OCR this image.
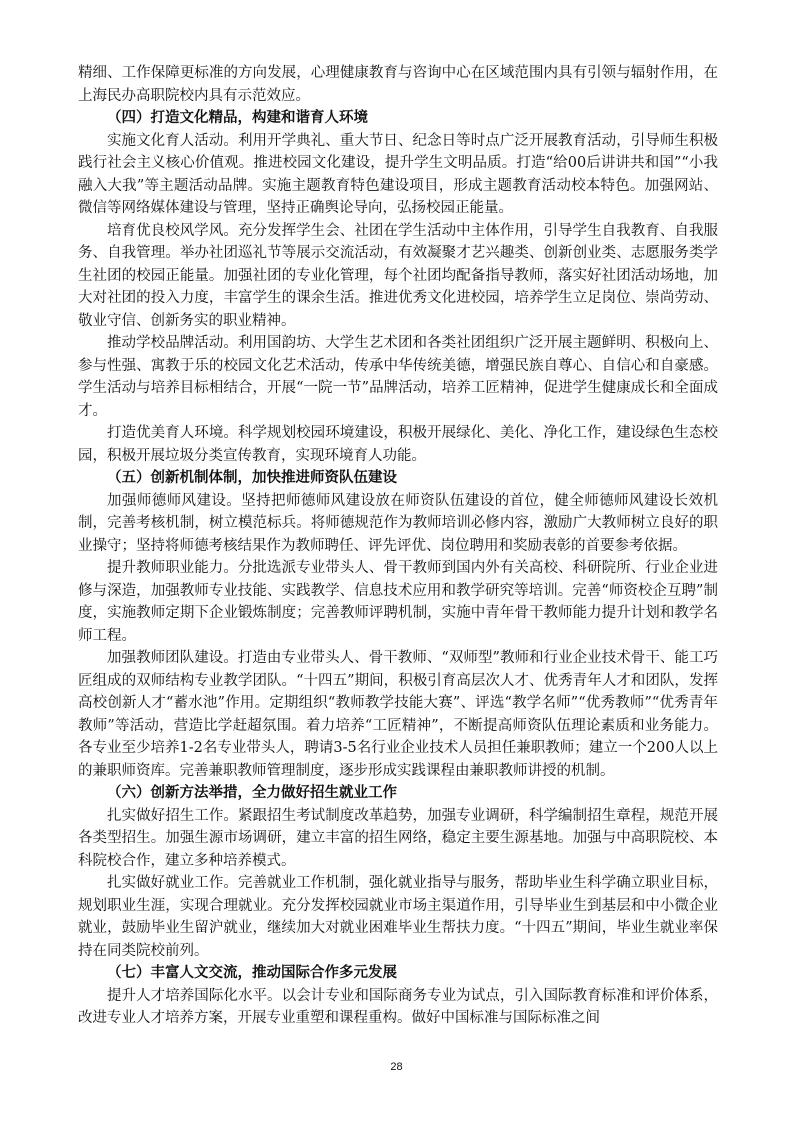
精细、工作保障更标准的方向发展，心理健康教育与咨询中心在区域范围内具有引领与辐射作用，在上海民办高职院校内具有示范效应。

（四）打造文化精品，构建和谐育人环境

实施文化育人活动。利用开学典礼、重大节日、纪念日等时点广泛开展教育活动，引导师生积极践行社会主义核心价值观。推进校园文化建设，提升学生文明品质。打造“给00后讲讲共和国”“小我融入大我”等主题活动品牌。实施主题教育特色建设项目，形成主题教育活动校本特色。加强网站、微信等网络媒体建设与管理，坚持正确舆论导向，弘扬校园正能量。

培育优良校风学风。充分发挥学生会、社团在学生活动中主体作用，引导学生自我教育、自我服务、自我管理。举办社团巡礼节等展示交流活动，有效凝聚才艺兴趣类、创新创业类、志愿服务类学生社团的校园正能量。加强社团的专业化管理，每个社团均配备指导教师，落实好社团活动场地，加大对社团的投入力度，丰富学生的课余生活。推进优秀文化进校园，培养学生立足岗位、崇尚劳动、敬业守信、创新务实的职业精神。

推动学校品牌活动。利用国韵坊、大学生艺术团和各类社团组织广泛开展主题鲜明、积极向上、参与性强、寓教于乐的校园文化艺术活动，传承中华传统美德，增强民族自尊心、自信心和自豪感。学生活动与培养目标相结合，开展“一院一节”品牌活动，培养工匠精神，促进学生健康成长和全面成才。

打造优美育人环境。科学规划校园环境建设，积极开展绿化、美化、净化工作，建设绿色生态校园，积极开展垃圾分类宣传教育，实现环境育人功能。

（五）创新机制体制，加快推进师资队伍建设

加强师德师风建设。坚持把师德师风建设放在师资队伍建设的首位，健全师德师风建设长效机制，完善考核机制，树立模范标兵。将师德规范作为教师培训必修内容，激励广大教师树立良好的职业操守；坚持将师德考核结果作为教师聘任、评先评优、岗位聘用和奖励表彰的首要参考依据。

提升教师职业能力。分批选派专业带头人、骨干教师到国内外有关高校、科研院所、行业企业进修与深造，加强教师专业技能、实践教学、信息技术应用和教学研究等培训。完善“师资校企互聘”制度，实施教师定期下企业锻炼制度；完善教师评聘机制，实施中青年骨干教师能力提升计划和教学名师工程。

加强教师团队建设。打造由专业带头人、骨干教师、“双师型”教师和行业企业技术骨干、能工巧匠组成的双师结构专业教学团队。“十四五”期间，积极引育高层次人才、优秀青年人才和团队，发挥高校创新人才“蓄水池”作用。定期组织“教师教学技能大赛”、评选“教学名师”“优秀教师”“优秀青年教师”等活动，营造比学赶超氛围。着力培养“工匠精神”，不断提高师资队伍理论素质和业务能力。各专业至少培养1-2名专业带头人，聘请3-5名行业企业技术人员担任兼职教师；建立一个200人以上的兼职师资库。完善兼职教师管理制度，逐步形成实践课程由兼职教师讲授的机制。

（六）创新方法举措，全力做好招生就业工作

扎实做好招生工作。紧跟招生考试制度改革趋势，加强专业调研，科学编制招生章程，规范开展各类型招生。加强生源市场调研，建立丰富的招生网络，稳定主要生源基地。加强与中高职院校、本科院校合作，建立多种培养模式。

扎实做好就业工作。完善就业工作机制，强化就业指导与服务，帮助毕业生科学确立职业目标，规划职业生涯，实现合理就业。充分发挥校园就业市场主渠道作用，引导毕业生到基层和中小微企业就业，鼓励毕业生留沪就业，继续加大对就业困难毕业生帮扶力度。“十四五”期间，毕业生就业率保持在同类院校前列。

（七）丰富人文交流，推动国际合作多元发展

提升人才培养国际化水平。以会计专业和国际商务专业为试点，引入国际教育标准和评价体系，改进专业人才培养方案，开展专业重塑和课程重构。做好中国标准与国际标准之间

28
